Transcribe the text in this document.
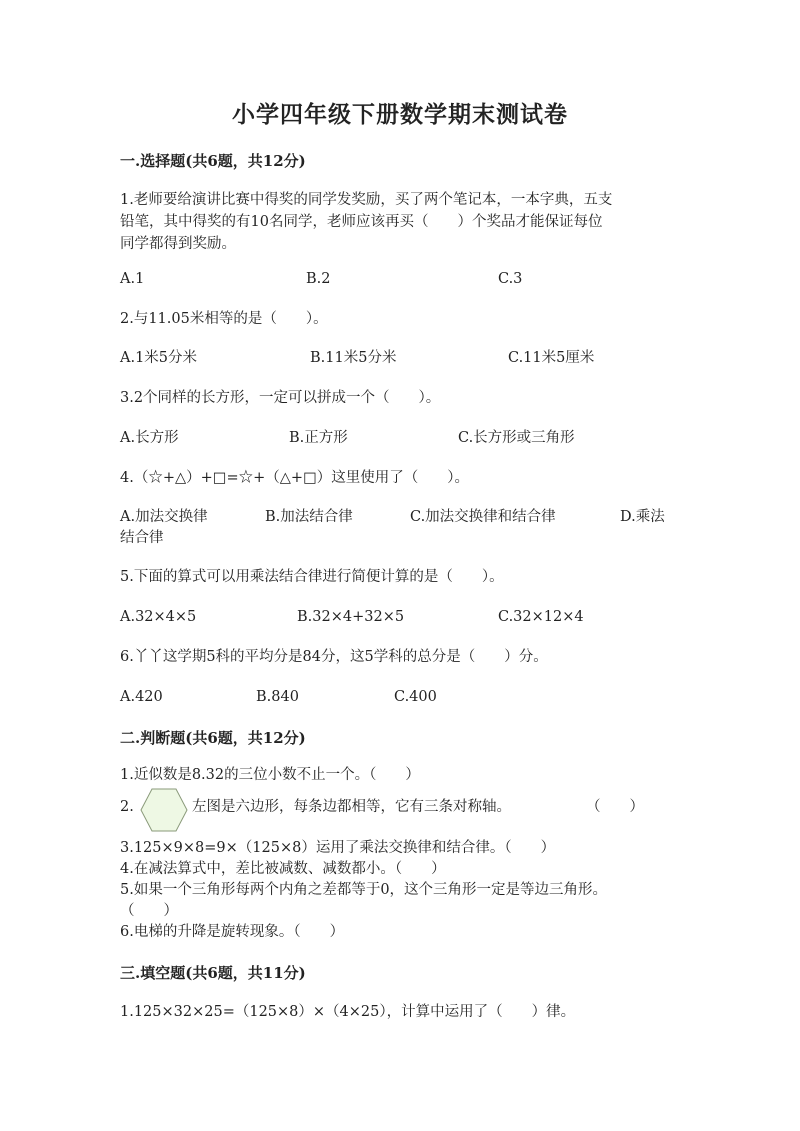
小学四年级下册数学期末测试卷
一.选择题(共6题，共12分)
1.老师要给演讲比赛中得奖的同学发奖励，买了两个笔记本，一本字典，五支
铅笔，其中得奖的有10名同学，老师应该再买（　　）个奖品才能保证每位
同学都得到奖励。
A.1	B.2	C.3
2.与11.05米相等的是（　　）。
A.1米5分米	B.11米5分米	C.11米5厘米
3.2个同样的长方形，一定可以拼成一个（　　）。
A.长方形	B.正方形	C.长方形或三角形
4.（☆+△）+□=☆+（△+□）这里使用了（　　）。
A.加法交换律	B.加法结合律	C.加法交换律和结合律	D.乘法
结合律
5.下面的算式可以用乘法结合律进行简便计算的是（　　）。
A.32×4×5	B.32×4+32×5	C.32×12×4
6.丫丫这学期5科的平均分是84分，这5学科的总分是（　　）分。
A.420	B.840	C.400
二.判断题(共6题，共12分)
1.近似数是8.32的三位小数不止一个。（　　）
2.	左图是六边形，每条边都相等，它有三条对称轴。	（　　）
3.125×9×8=9×（125×8）运用了乘法交换律和结合律。（　　）
4.在减法算式中，差比被减数、减数都小。（　　）
5.如果一个三角形每两个内角之差都等于0，这个三角形一定是等边三角形。
（　　）
6.电梯的升降是旋转现象。（　　）
三.填空题(共6题，共11分)
1.125×32×25=（125×8）×（4×25），计算中运用了（　　）律。
